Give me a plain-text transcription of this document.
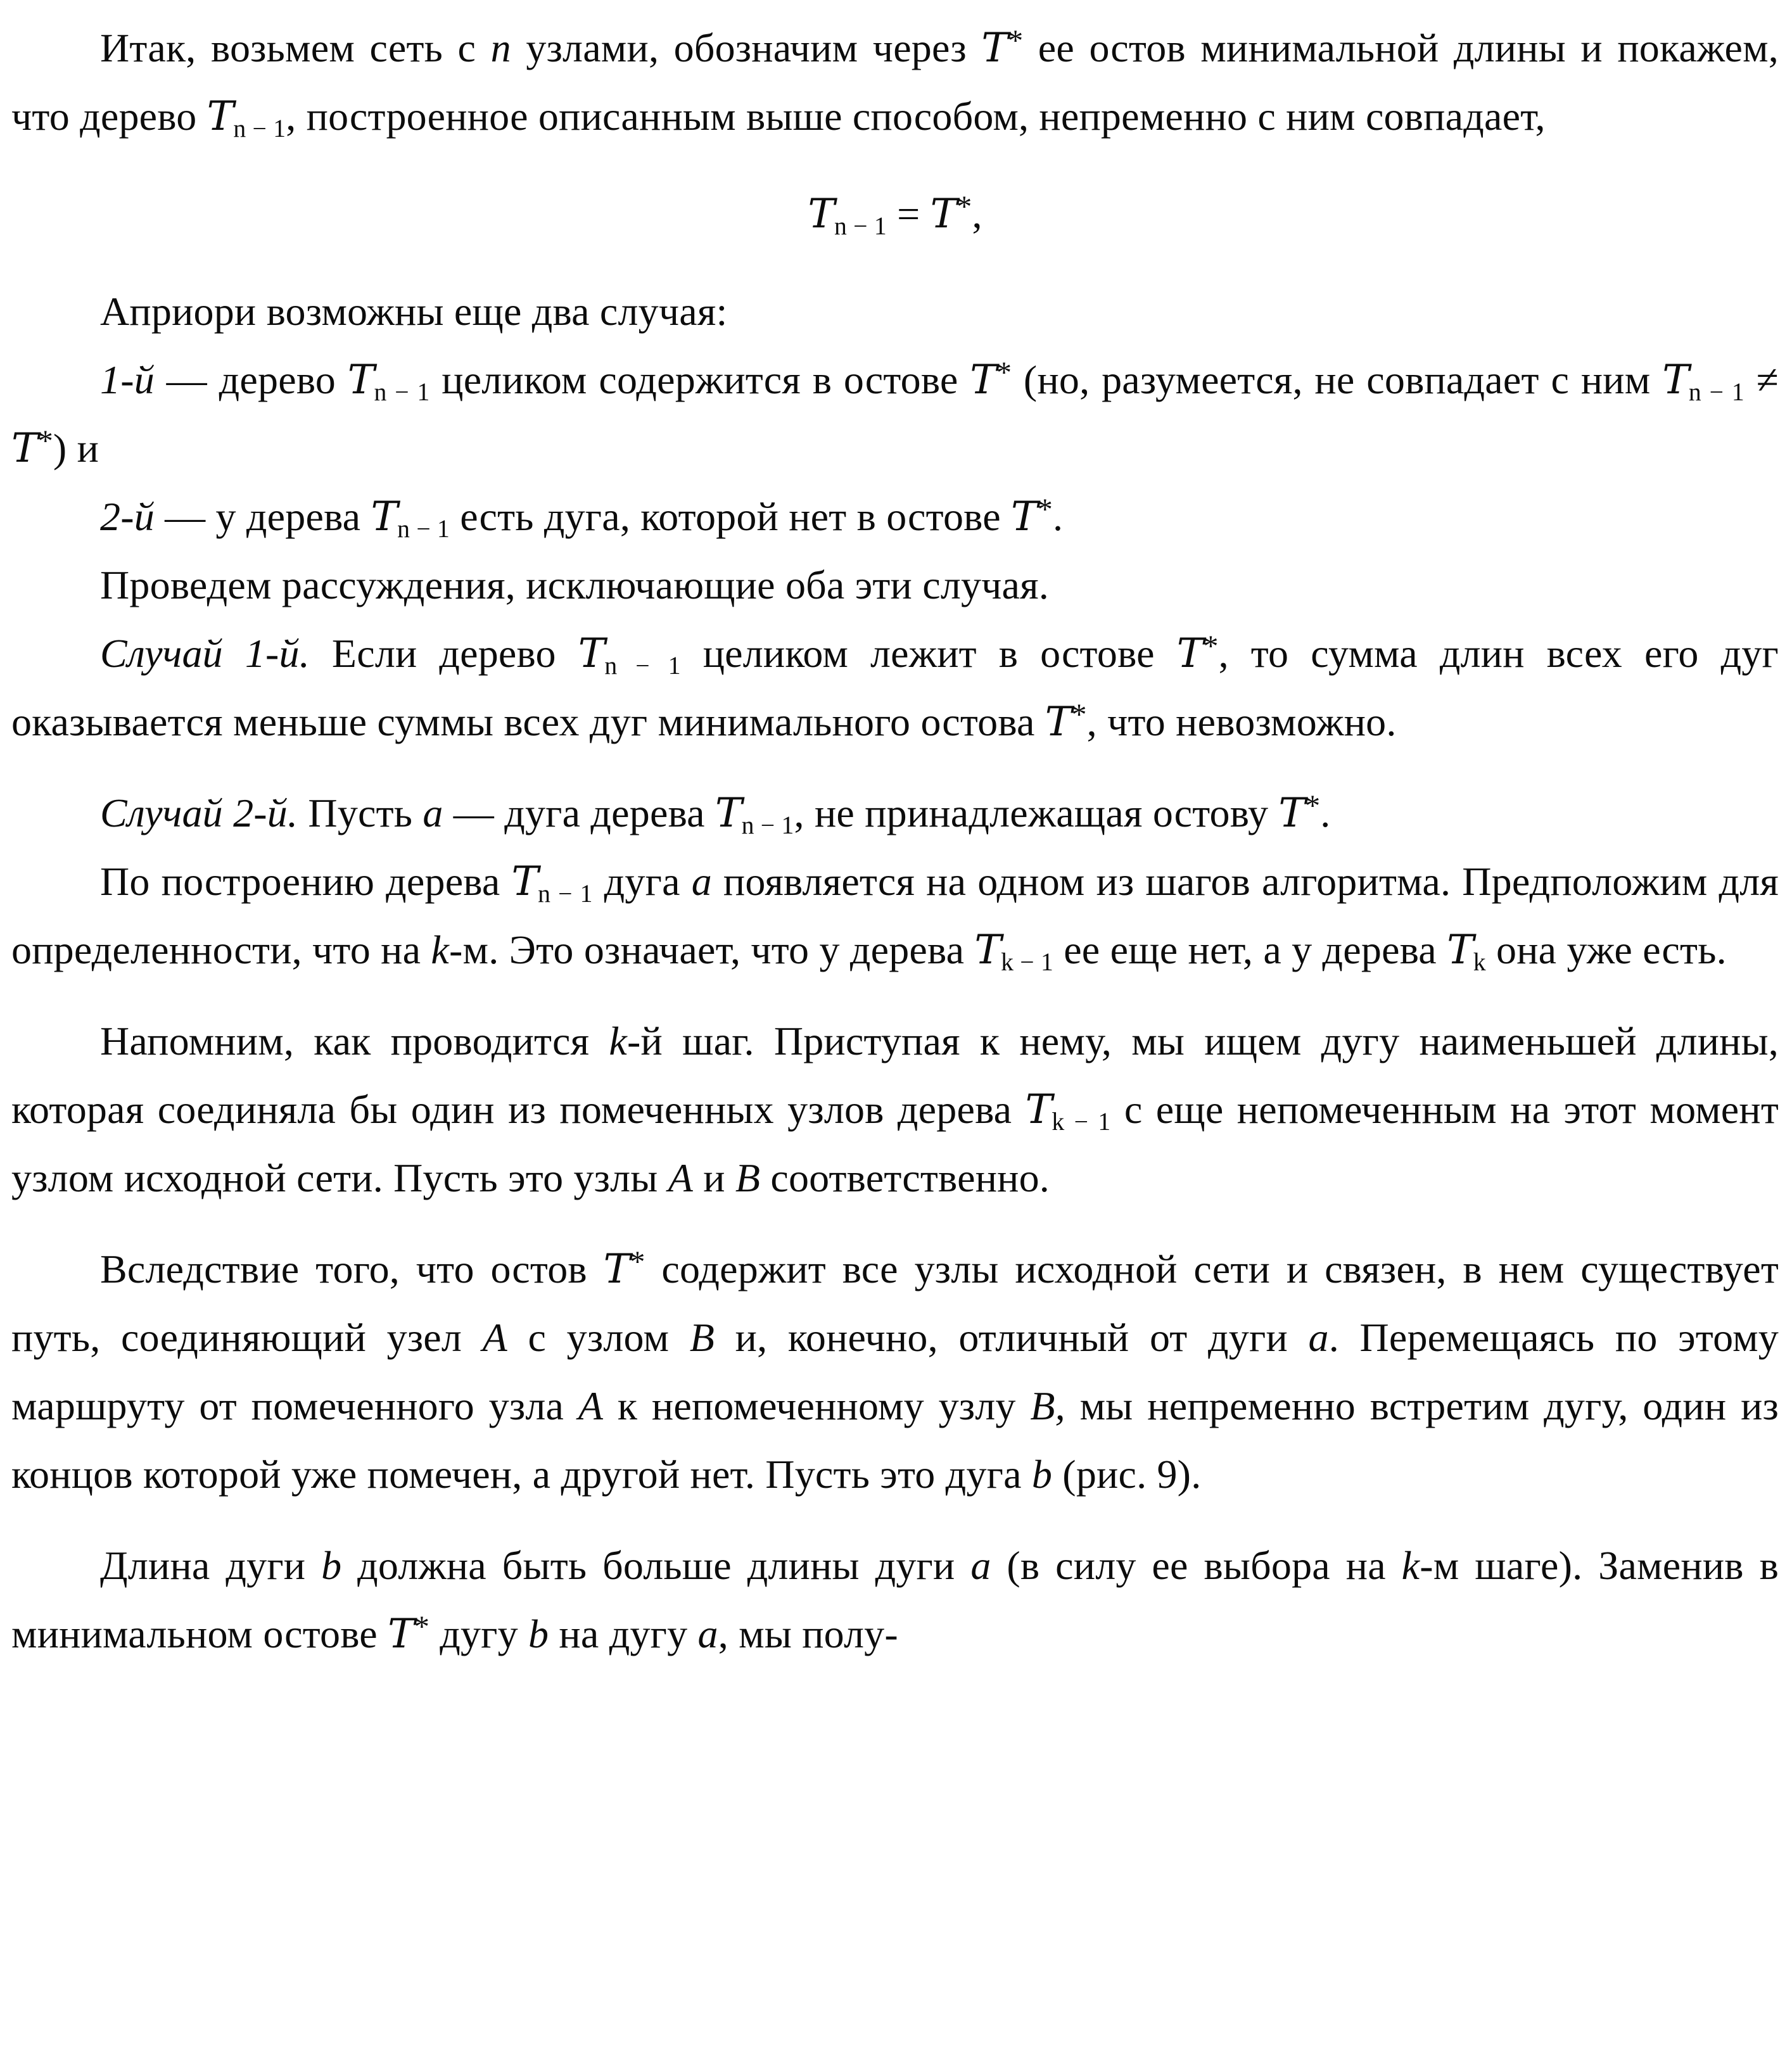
Итак, возьмем сеть с n узлами, обозначим через T* ее остов минимальной длины и покажем, что дерево $T_{n - 1}$, построенное описанным выше способом, непременно с ним совпадает,

$T_{n - 1} = T^*$,

Априори возможны еще два случая:

1-й — дерево $T_{n - 1}$ целиком содержится в остове T* (но, разумеется, не совпадает с ним $T_{n - 1} \ne T^*$) и

2-й — у дерева $T_{n - 1}$ есть дуга, которой нет в остове T*.

Проведем рассуждения, исключающие оба эти случая.

Случай 1-й. Если дерево $T_{n - 1}$ целиком лежит в остове T*, то сумма длин всех его дуг оказывается меньше суммы всех дуг минимального остова T*, что невозможно.

Случай 2-й. Пусть a — дуга дерева $T_{n - 1}$, не принадлежащая остову T*.

По построению дерева $T_{n - 1}$ дуга a появляется на одном из шагов алгоритма. Предположим для определенности, что на k-м. Это означает, что у дерева $T_{k - 1}$ ее еще нет, а у дерева $T_k$ она уже есть.

Напомним, как проводится k-й шаг. Приступая к нему, мы ищем дугу наименьшей длины, которая соединяла бы один из помеченных узлов дерева $T_{k - 1}$ с еще непомеченным на этот момент узлом исходной сети. Пусть это узлы A и B соответственно.

Вследствие того, что остов T* содержит все узлы исходной сети и связен, в нем существует путь, соединяющий узел A с узлом B и, конечно, отличный от дуги a. Перемещаясь по этому маршруту от помеченного узла A к непомеченному узлу B, мы непременно встретим дугу, один из концов которой уже помечен, а другой нет. Пусть это дуга b (рис. 9).

Длина дуги b должна быть больше длины дуги a (в силу ее выбора на k-м шаге). Заменив в минимальном остове T* дугу b на дугу a, мы полу-
